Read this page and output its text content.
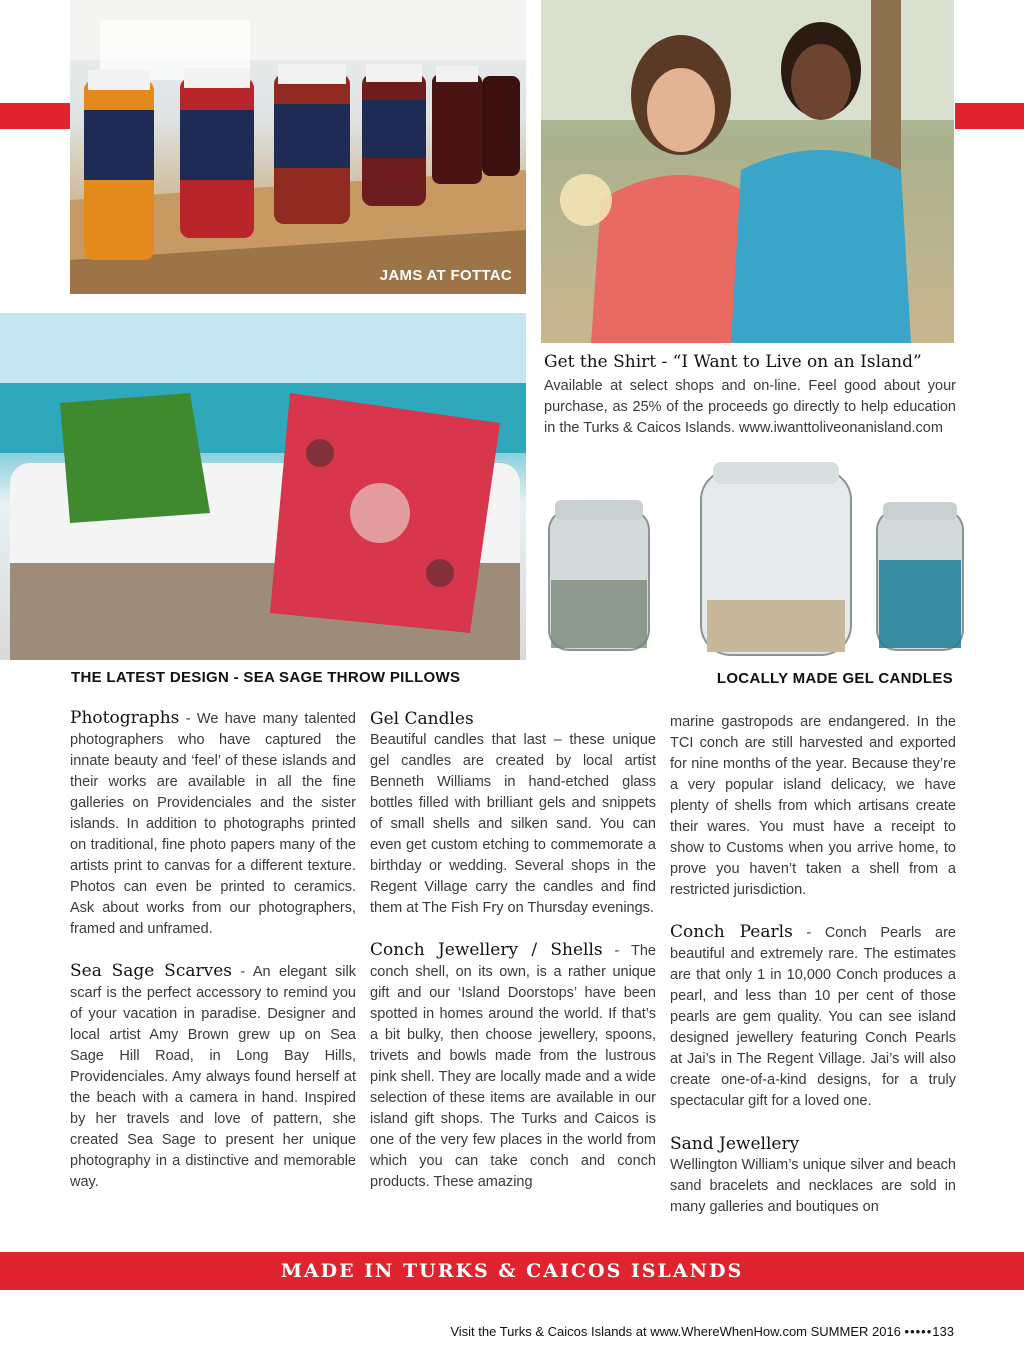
JAMS AT FOTTAC
THE LATEST DESIGN - SEA SAGE THROW PILLOWS	LOCALLY MADE GEL CANDLES
Get the Shirt - “I Want to Live on an Island”
Available at select shops and on-line. Feel good about your purchase, as 25% of the proceeds go directly to help education in the Turks & Caicos Islands. www.iwanttoliveonanisland.com

Photographs - We have many talented photographers who have captured the innate beauty and ‘feel’ of these islands and their works are available in all the fine galleries on Providenciales and the sister islands. In addition to photographs printed on traditional, fine photo papers many of the artists print to canvas for a different texture. Photos can even be printed to ceramics. Ask about works from our photographers, framed and unframed.

Sea Sage Scarves - An elegant silk scarf is the perfect accessory to remind you of your vacation in paradise. Designer and local artist Amy Brown grew up on Sea Sage Hill Road, in Long Bay Hills, Providenciales. Amy always found herself at the beach with a camera in hand. Inspired by her travels and love of pattern, she created Sea Sage to present her unique photography in a distinctive and memorable way.

Gel Candles
Beautiful candles that last – these unique gel candles are created by local artist Benneth Williams in hand-etched glass bottles filled with brilliant gels and snippets of small shells and silken sand. You can even get custom etching to commemorate a birthday or wedding. Several shops in the Regent Village carry the candles and find them at The Fish Fry on Thursday evenings.

Conch Jewellery / Shells - The conch shell, on its own, is a rather unique gift and our ‘Island Doorstops’ have been spotted in homes around the world. If that’s a bit bulky, then choose jewellery, spoons, trivets and bowls made from the lustrous pink shell. They are locally made and a wide selection of these items are available in our island gift shops. The Turks and Caicos is one of the very few places in the world from which you can take conch and conch products. These amazing

marine gastropods are endangered. In the TCI conch are still harvested and exported for nine months of the year. Because they’re a very popular island delicacy, we have plenty of shells from which artisans create their wares. You must have a receipt to show to Customs when you arrive home, to prove you haven’t taken a shell from a restricted jurisdiction.

Conch Pearls - Conch Pearls are beautiful and extremely rare. The estimates are that only 1 in 10,000 Conch produces a pearl, and less than 10 per cent of those pearls are gem quality. You can see island designed jewellery featuring Conch Pearls at Jai’s in The Regent Village. Jai’s will also create one-of-a-kind designs, for a truly spectacular gift for a loved one.

Sand Jewellery
Wellington William’s unique silver and beach sand bracelets and necklaces are sold in many galleries and boutiques on

MADE IN TURKS & CAICOS ISLANDS
Visit the Turks & Caicos Islands at www.WhereWhenHow.com SUMMER 2016 •••••133
